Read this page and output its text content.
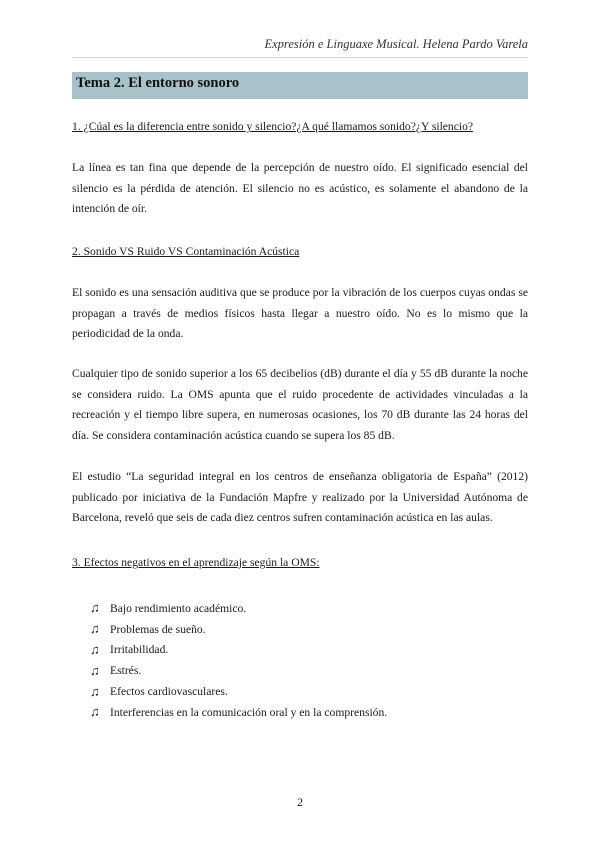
Expresión e Linguaxe Musical. Helena Pardo Varela
Tema 2. El entorno sonoro
1. ¿Cúal es la diferencia entre sonido y silencio?¿A qué llamamos sonido?¿Y silencio?

La línea es tan fina que depende de la percepción de nuestro oído. El significado esencial del silencio es la pérdida de atención. El silencio no es acústico, es solamente el abandono de la intención de oír.

2. Sonido VS Ruido VS Contaminación Acústica

El sonido es una sensación auditiva que se produce por la vibración de los cuerpos cuyas ondas se propagan a través de medios físicos hasta llegar a nuestro oído. No es lo mismo que la periodicidad de la onda.

Cualquier tipo de sonido superior a los 65 decibelios (dB) durante el día y 55 dB durante la noche se considera ruido. La OMS apunta que el ruido procedente de actividades vinculadas a la recreación y el tiempo libre supera, en numerosas ocasiones, los 70 dB durante las 24 horas del día. Se considera contaminación acústica cuando se supera los 85 dB.

El estudio “La seguridad integral en los centros de enseñanza obligatoria de España” (2012) publicado por iniciativa de la Fundación Mapfre y realizado por la Universidad Autónoma de Barcelona, reveló que seis de cada diez centros sufren contaminación acústica en las aulas.

3. Efectos negativos en el aprendizaje según la OMS:
♫ Bajo rendimiento académico.
♫ Problemas de sueño.
♫ Irritabilidad.
♫ Estrés.
♫ Efectos cardiovasculares.
♫ Interferencias en la comunicación oral y en la comprensión.
2
